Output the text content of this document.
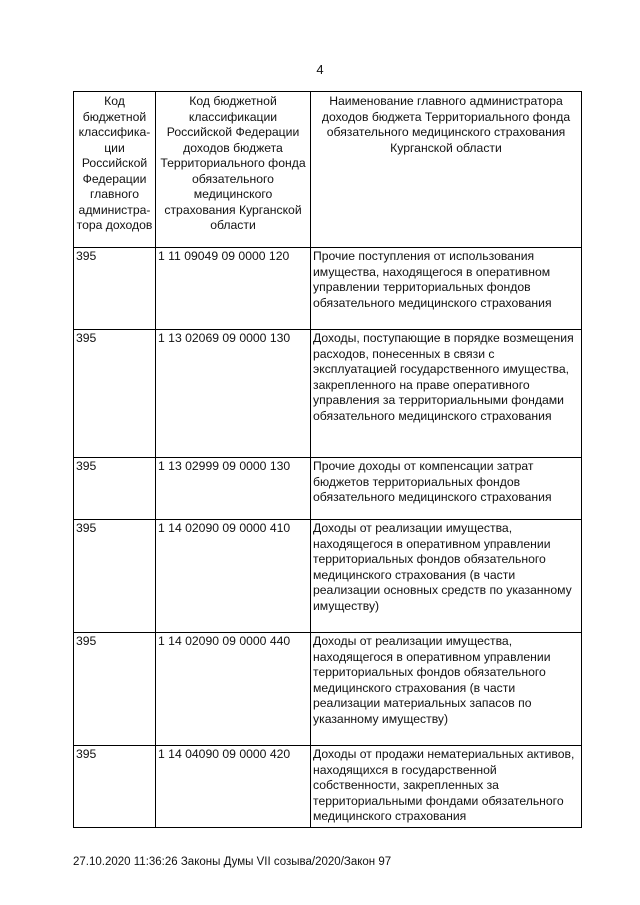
4
Код бюджетной классифика-ции Российской Федерации главного администра-тора доходов	Код бюджетной классификации Российской Федерации доходов бюджета Территориального фонда обязательного медицинского страхования Курганской области	Наименование главного администратора доходов бюджета Территориального фонда обязательного медицинского страхования Курганской области
395	1 11 09049 09 0000 120	Прочие поступления от использования имущества, находящегося в оперативном управлении территориальных фондов обязательного медицинского страхования
395	1 13 02069 09 0000 130	Доходы, поступающие в порядке возмещения расходов, понесенных в связи с эксплуатацией государственного имущества, закрепленного на праве оперативного управления за территориальными фондами обязательного медицинского страхования
395	1 13 02999 09 0000 130	Прочие доходы от компенсации затрат бюджетов территориальных фондов обязательного медицинского страхования
395	1 14 02090 09 0000 410	Доходы от реализации имущества, находящегося в оперативном управлении территориальных фондов обязательного медицинского страхования (в части реализации основных средств по указанному имуществу)
395	1 14 02090 09 0000 440	Доходы от реализации имущества, находящегося в оперативном управлении территориальных фондов обязательного медицинского страхования (в части реализации материальных запасов по указанному имуществу)
395	1 14 04090 09 0000 420	Доходы от продажи нематериальных активов, находящихся в государственной собственности, закрепленных за территориальными фондами обязательного медицинского страхования
27.10.2020 11:36:26 Законы Думы VII созыва/2020/Закон 97
